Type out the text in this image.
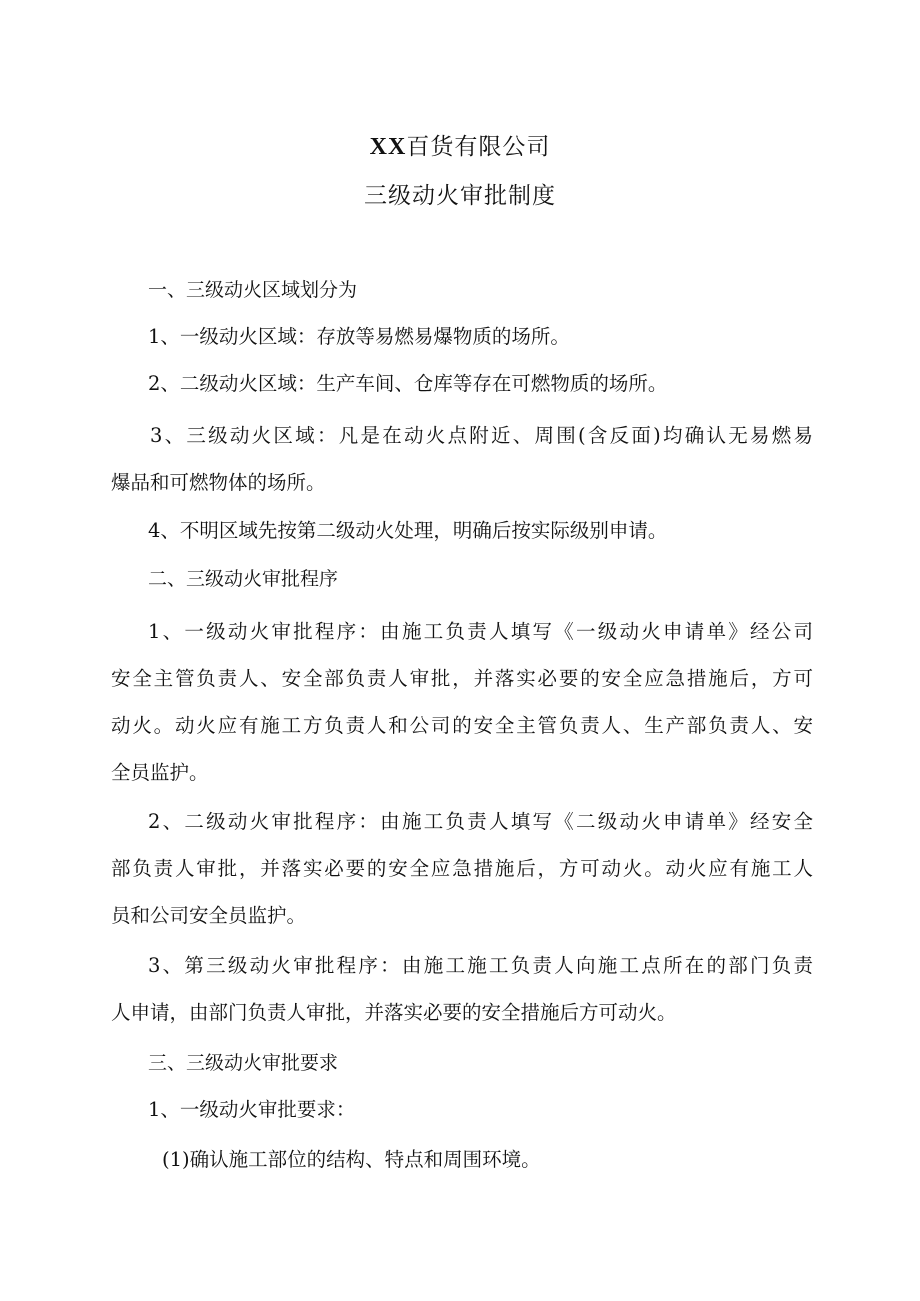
XX百货有限公司
三级动火审批制度
一、三级动火区域划分为
1、一级动火区域：存放等易燃易爆物质的场所。
2、二级动火区域：生产车间、仓库等存在可燃物质的场所。
3、三级动火区域：凡是在动火点附近、周围(含反面)均确认无易燃易
爆品和可燃物体的场所。
4、不明区域先按第二级动火处理，明确后按实际级别申请。
二、三级动火审批程序
1、一级动火审批程序：由施工负责人填写《一级动火申请单》经公司
安全主管负责人、安全部负责人审批，并落实必要的安全应急措施后，方可
动火。动火应有施工方负责人和公司的安全主管负责人、生产部负责人、安
全员监护。
2、二级动火审批程序：由施工负责人填写《二级动火申请单》经安全
部负责人审批，并落实必要的安全应急措施后，方可动火。动火应有施工人
员和公司安全员监护。
3、第三级动火审批程序：由施工施工负责人向施工点所在的部门负责
人申请，由部门负责人审批，并落实必要的安全措施后方可动火。
三、三级动火审批要求
1、一级动火审批要求：
(1)确认施工部位的结构、特点和周围环境。
